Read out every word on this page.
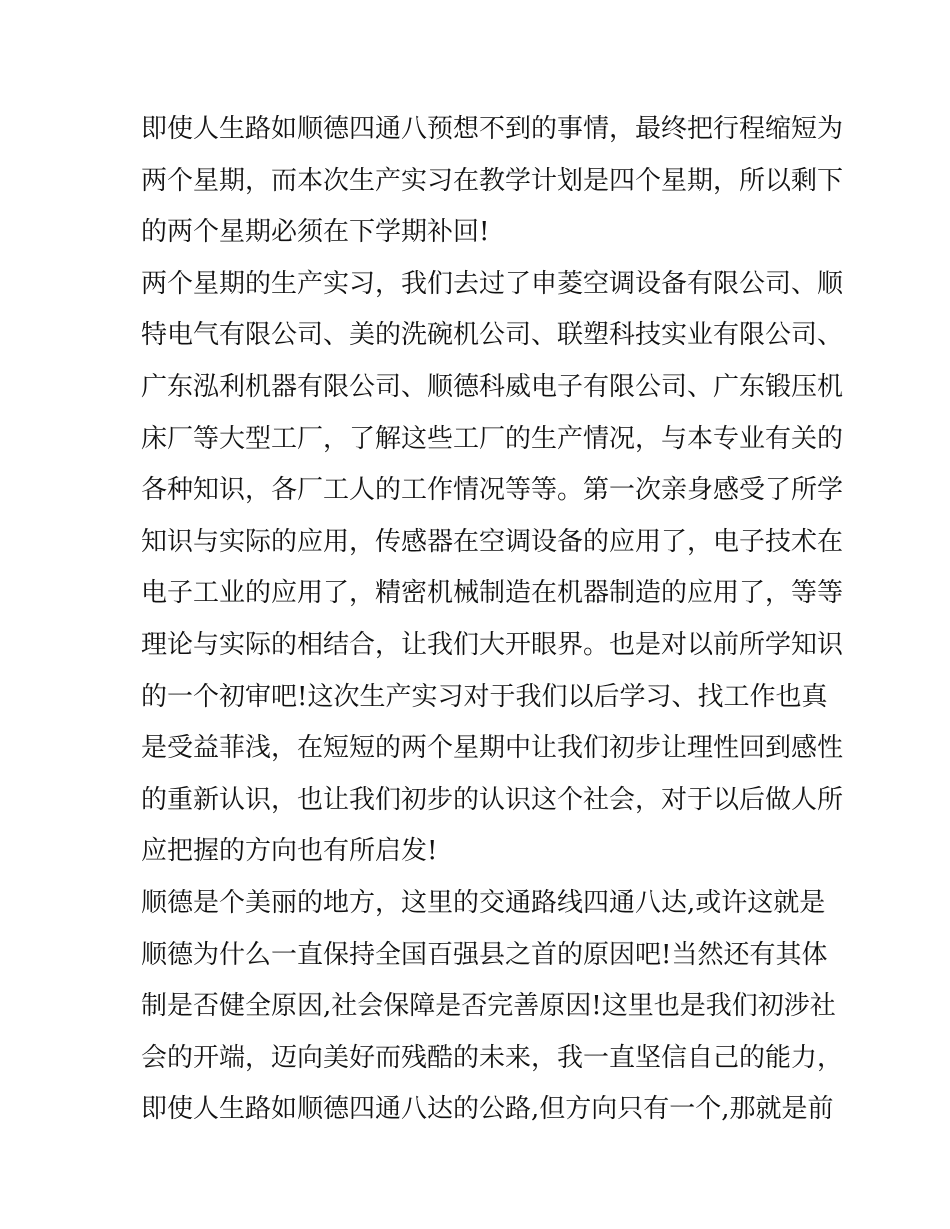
即使人生路如顺德四通八预想不到的事情，最终把行程缩短为
两个星期，而本次生产实习在教学计划是四个星期，所以剩下
的两个星期必须在下学期补回!
两个星期的生产实习，我们去过了申菱空调设备有限公司、顺
特电气有限公司、美的洗碗机公司、联塑科技实业有限公司、
广东泓利机器有限公司、顺德科威电子有限公司、广东锻压机
床厂等大型工厂，了解这些工厂的生产情况，与本专业有关的
各种知识，各厂工人的工作情况等等。第一次亲身感受了所学
知识与实际的应用，传感器在空调设备的应用了，电子技术在
电子工业的应用了，精密机械制造在机器制造的应用了，等等
理论与实际的相结合，让我们大开眼界。也是对以前所学知识
的一个初审吧!这次生产实习对于我们以后学习、找工作也真
是受益菲浅，在短短的两个星期中让我们初步让理性回到感性
的重新认识，也让我们初步的认识这个社会，对于以后做人所
应把握的方向也有所启发!
顺德是个美丽的地方，这里的交通路线四通八达,或许这就是
顺德为什么一直保持全国百强县之首的原因吧!当然还有其体
制是否健全原因,社会保障是否完善原因!这里也是我们初涉社
会的开端，迈向美好而残酷的未来，我一直坚信自己的能力，
即使人生路如顺德四通八达的公路,但方向只有一个,那就是前
